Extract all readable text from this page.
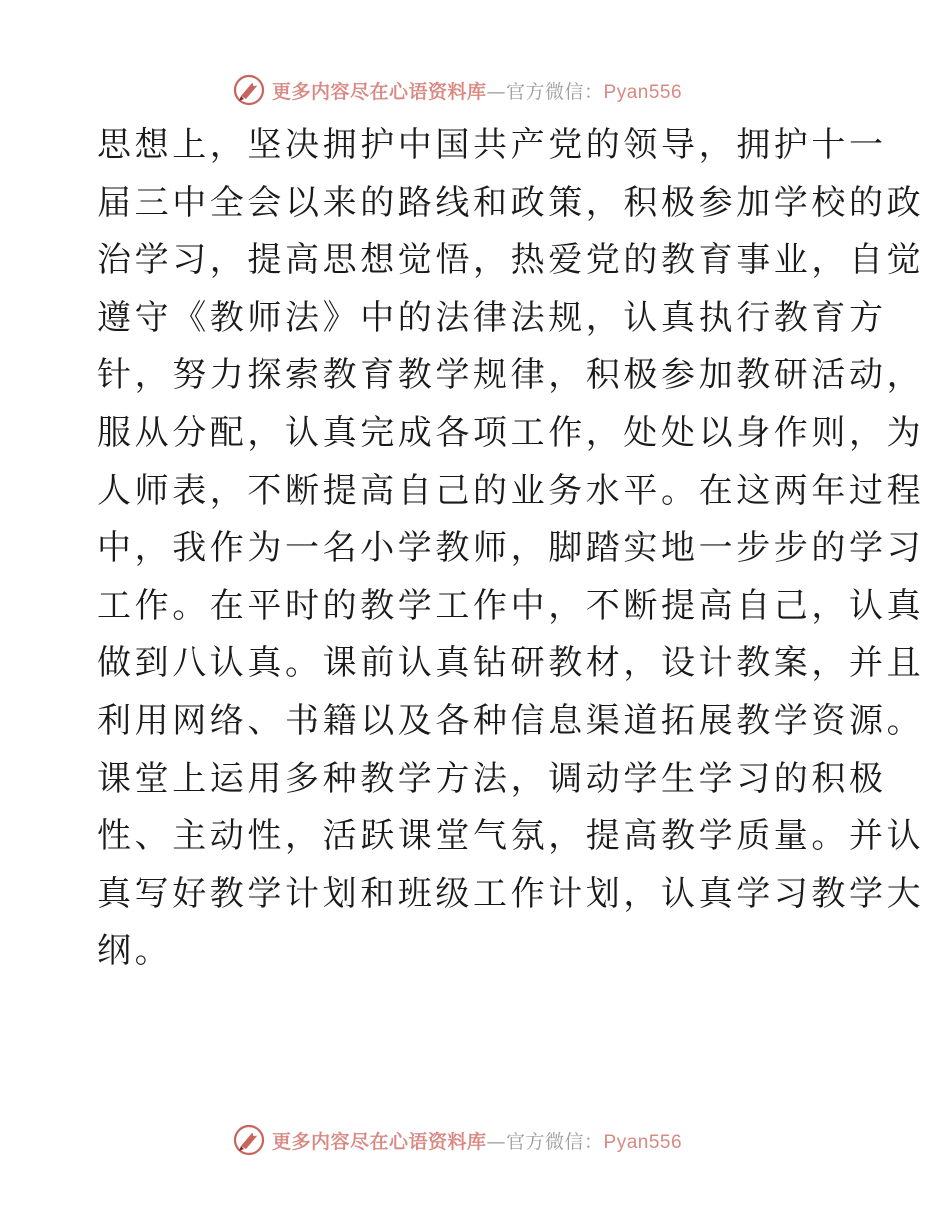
更多内容尽在心语资料库—官方微信：Pyan556
思想上，坚决拥护中国共产党的领导，拥护十一
届三中全会以来的路线和政策，积极参加学校的政
治学习，提高思想觉悟，热爱党的教育事业，自觉
遵守《教师法》中的法律法规，认真执行教育方
针，努力探索教育教学规律，积极参加教研活动，
服从分配，认真完成各项工作，处处以身作则，为
人师表，不断提高自己的业务水平。在这两年过程
中，我作为一名小学教师，脚踏实地一步步的学习
工作。在平时的教学工作中，不断提高自己，认真
做到八认真。课前认真钻研教材，设计教案，并且
利用网络、书籍以及各种信息渠道拓展教学资源。
课堂上运用多种教学方法，调动学生学习的积极
性、主动性，活跃课堂气氛，提高教学质量。并认
真写好教学计划和班级工作计划，认真学习教学大
纲。
更多内容尽在心语资料库—官方微信：Pyan556
